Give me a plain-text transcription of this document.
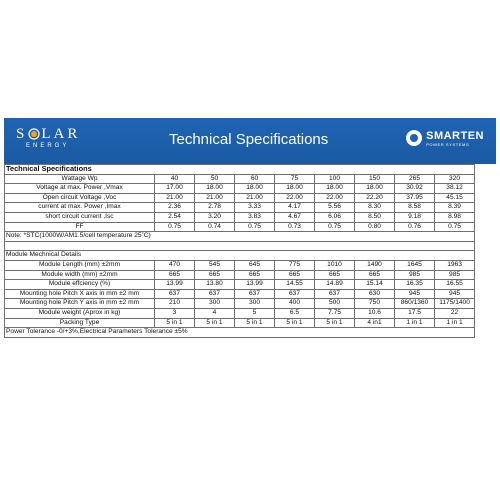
S LAR
ENERGY	Technical Specifications	SMARTEN
POWER SYSTEMS
Technical Specifications								
Wattage Wp	40	50	60	75	100	150	265	320
Voltage at max. Power ,Vmax	17.00	18.00	18.00	18.00	18.00	18.00	30.92	38.12
Open circuit Voltage ,Voc	21.00	21.00	21.00	22.00	22.00	22.20	37.95	45.15
current at max. Power ,Imax	2.36	2.78	3.33	4.17	5.56	8.30	8.58	8.39
short circuit current ,Isc	2.54	3.20	3.83	4.67	6.06	8.50	9.18	8.98
FF	0.75	0.74	0.75	0.73	0.75	0.80	0.76	0.75
Note: *STC(1000W/AM1.5/cell temperature 25˚C)								

Module Mechnical Details								
Module Length (mm) ±2mm	470	545	645	775	1010	1490	1645	1963
Module width (mm) ±2mm	665	665	665	665	665	665	985	985
Module effciency (%)	13.99	13.80	13.99	14.55	14.89	15.14	16.35	16.55
Mounting hole Pitch X axis in mm ±2 mm	637	637	637	637	637	630	945	945
Mounting hole Pitch Y axis in mm ±2 mm	210	300	300	400	500	750	860/1360	1175/1400
Module weight (Aprox in kg)	3	4	5	6.5	7.75	10.6	17.5	22
Packing Type	5 in 1	5 in 1	5 in 1	5 in 1	5 in 1	4 in1	1 in 1	1 in 1
Power Tolerance -0/+3%,Electrical Parameters Tolerance ±5%								
